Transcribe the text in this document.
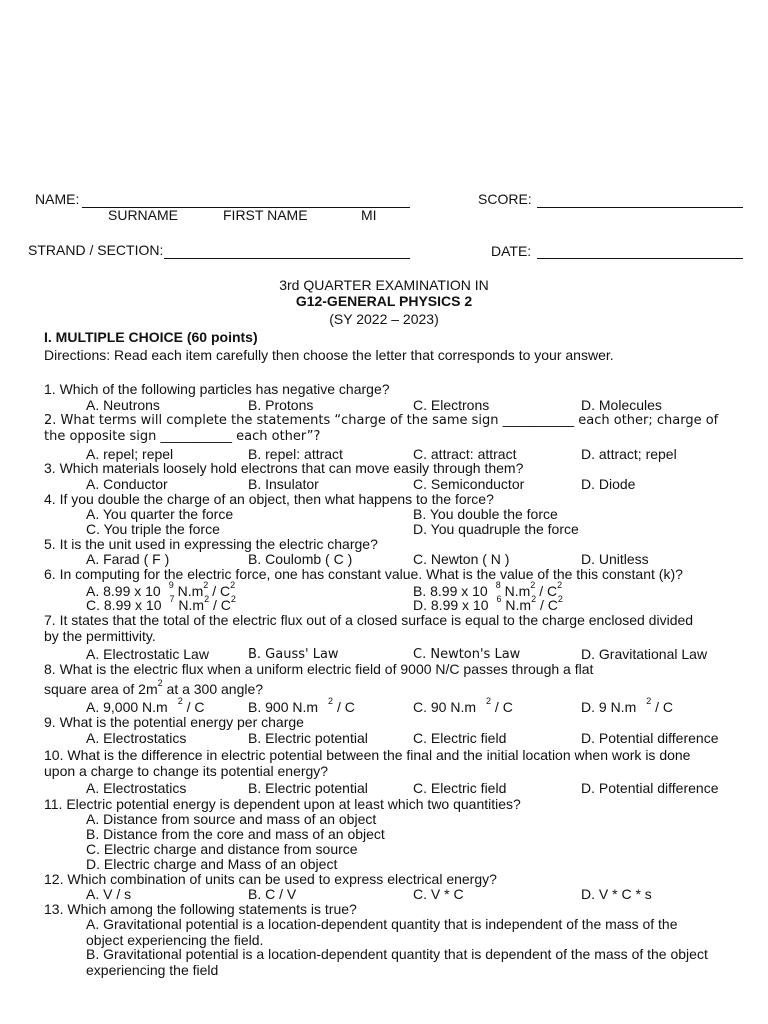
NAME:
SURNAME	FIRST NAME	MI
SCORE:
STRAND / SECTION:	DATE:
3rd QUARTER EXAMINATION IN
G12-GENERAL PHYSICS 2
(SY 2022 – 2023)
I. MULTIPLE CHOICE (60 points)
Directions: Read each item carefully then choose the letter that corresponds to your answer.
1. Which of the following particles has negative charge?
A. Neutrons	B. Protons	C. Electrons	D. Molecules
2. What terms will complete the statements “charge of the same sign ___________ each other; charge of
the opposite sign ___________ each other”?
A. repel; repel	B. repel: attract	C. attract: attract	D. attract; repel
3. Which materials loosely hold electrons that can move easily through them?
A. Conductor	B. Insulator	C. Semiconductor	D. Diode
4. If you double the charge of an object, then what happens to the force?
A. You quarter the force	B. You double the force
C. You triple the force	D. You quadruple the force
5. It is the unit used in expressing the electric charge?
A. Farad ( F )	B. Coulomb ( C )	C. Newton ( N )	D. Unitless
6. In computing for the electric force, one has constant value. What is the value of the this constant (k)?
A. 8.99 x 10 $^9$ $N.m^2 / C^2$	B. 8.99 x 10 $^8$ $N.m^2 / C^2$
C. 8.99 x 10 $^7$ $N.m^2 / C^2$	D. 8.99 x 10 $^6$ $N.m^2 / C^2$
7. It states that the total of the electric flux out of a closed surface is equal to the charge enclosed divided
by the permittivity.
A. Electrostatic Law	B. Gauss' Law	C. Newton's Law	D. Gravitational Law
8. What is the electric flux when a uniform electric field of 9000 N/C passes through a flat
square area of $2m^2$ at a 300 angle?
A. 9,000 N.m $^2$ / C	B. 900 N.m $^2$ / C	C. 90 N.m $^2$ / C	D. 9 N.m $^2$ / C
9. What is the potential energy per charge
A. Electrostatics	B. Electric potential	C. Electric field	D. Potential difference
10. What is the difference in electric potential between the final and the initial location when work is done
upon a charge to change its potential energy?
A. Electrostatics	B. Electric potential	C. Electric field	D. Potential difference
11. Electric potential energy is dependent upon at least which two quantities?
A. Distance from source and mass of an object
B. Distance from the core and mass of an object
C. Electric charge and distance from source
D. Electric charge and Mass of an object
12. Which combination of units can be used to express electrical energy?
A. V / s	B. C / V	C. V * C	D. V * C * s
13. Which among the following statements is true?
A. Gravitational potential is a location-dependent quantity that is independent of the mass of the
object experiencing the field.
B. Gravitational potential is a location-dependent quantity that is dependent of the mass of the object
experiencing the field
